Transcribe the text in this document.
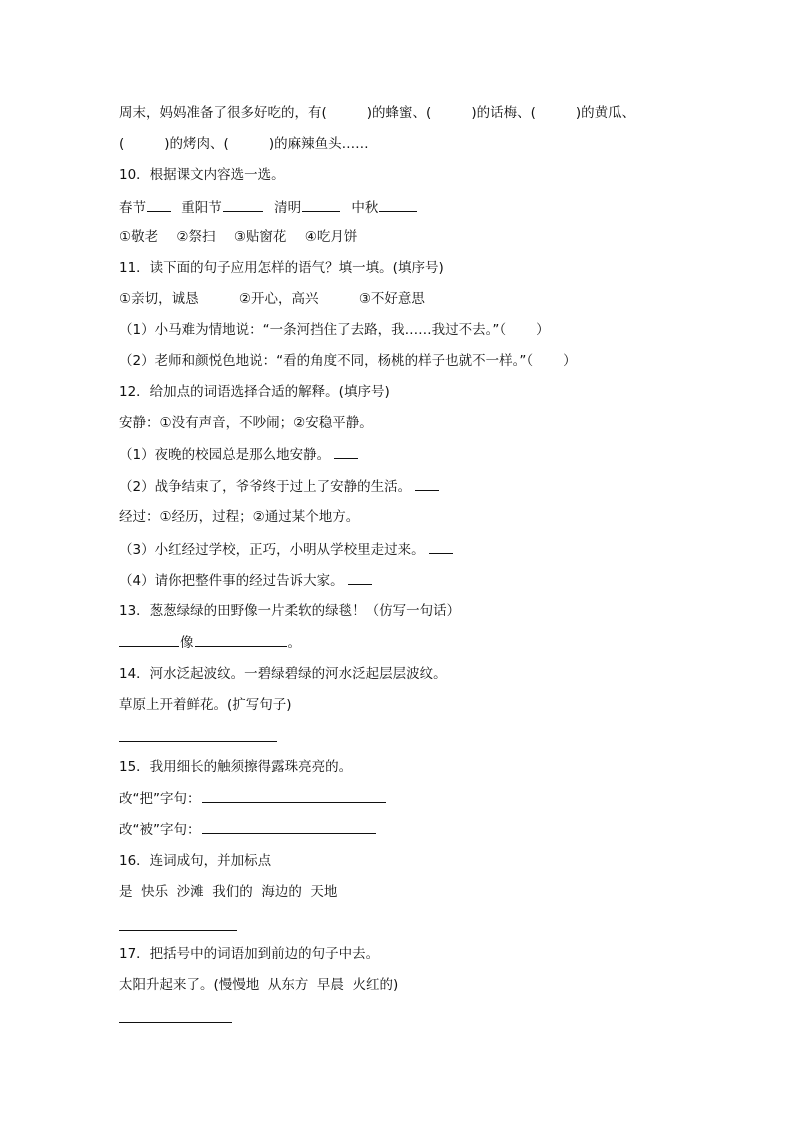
周末，妈妈准备了很多好吃的，有(	)的蜂蜜、(	)的话梅、(	)的黄瓜、
(	)的烤肉、(	)的麻辣鱼头……
10．根据课文内容选一选。
春节	重阳节	清明	中秋
①敬老 ②祭扫 ③贴窗花 ④吃月饼
11．读下面的句子应用怎样的语气？填一填。(填序号)
①亲切，诚恳	②开心，高兴	③不好意思
（1）小马难为情地说：“一条河挡住了去路，我……我过不去。”（ ）
（2）老师和颜悦色地说：“看的角度不同，杨桃的样子也就不一样。”（ ）
12．给加点的词语选择合适的解释。(填序号)
安静：①没有声音，不吵闹；②安稳平静。
（1）夜晚的校园总是那么地安静。
（2）战争结束了，爷爷终于过上了安静的生活。
经过：①经历，过程；②通过某个地方。
（3）小红经过学校，正巧，小明从学校里走过来。
（4）请你把整件事的经过告诉大家。
13．葱葱绿绿的田野像一片柔软的绿毯！（仿写一句话）
像	。
14．河水泛起波纹。一碧绿碧绿的河水泛起层层波纹。
草原上开着鲜花。(扩写句子)
15．我用细长的触须擦得露珠亮亮的。
改“把”字句：
改“被”字句：
16．连词成句，并加标点
是  快乐  沙滩  我们的  海边的  天地
17．把括号中的词语加到前边的句子中去。
太阳升起来了。(慢慢地  从东方  早晨  火红的)
